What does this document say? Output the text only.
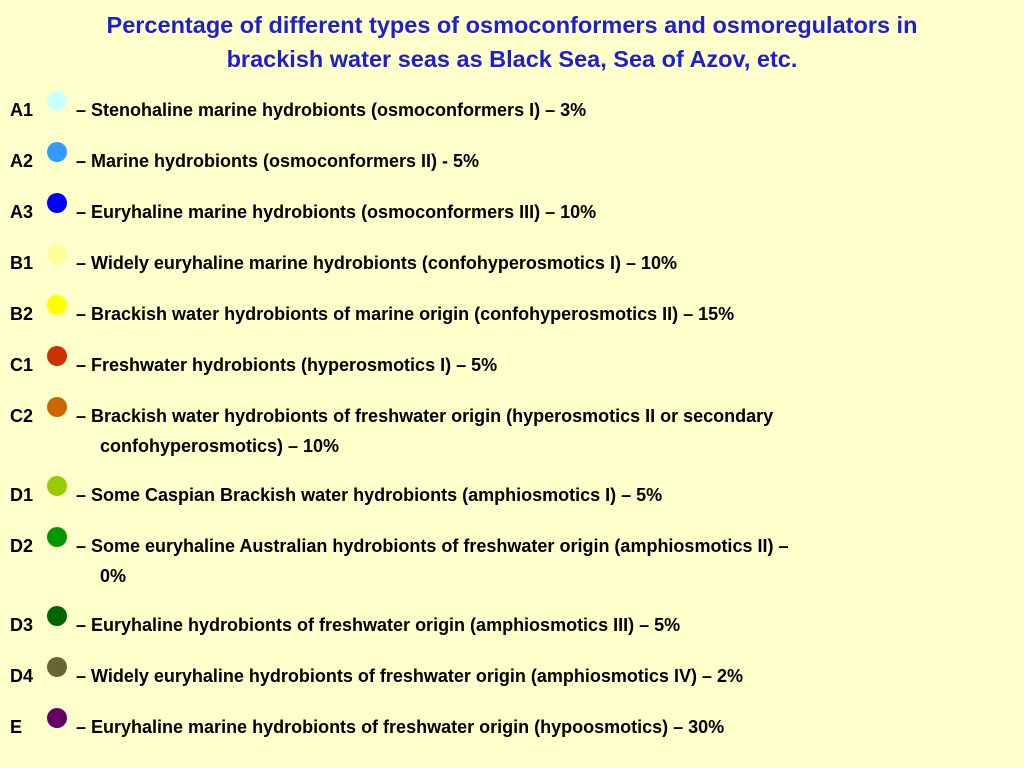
Percentage of different types of osmoconformers and osmoregulators in
brackish water seas as Black Sea, Sea of Azov, etc.
A1 – Stenohaline marine hydrobionts (osmoconformers I) – 3%
A2 – Marine hydrobionts (osmoconformers II) - 5%
A3 – Euryhaline marine hydrobionts (osmoconformers III) – 10%
B1 – Widely euryhaline marine hydrobionts (confohyperosmotics I) – 10%
B2 – Brackish water hydrobionts of marine origin (confohyperosmotics II) – 15%
C1 – Freshwater hydrobionts (hyperosmotics I) – 5%
C2 – Brackish water hydrobionts of freshwater origin (hyperosmotics II or secondary
confohyperosmotics) – 10%
D1 – Some Caspian Brackish water hydrobionts (amphiosmotics I) – 5%
D2 – Some euryhaline Australian hydrobionts of freshwater origin (amphiosmotics II) –
0%
D3 – Euryhaline hydrobionts of freshwater origin (amphiosmotics III) – 5%
D4 – Widely euryhaline hydrobionts of freshwater origin (amphiosmotics IV) – 2%
E	– Euryhaline marine hydrobionts of freshwater origin (hypoosmotics) – 30%
